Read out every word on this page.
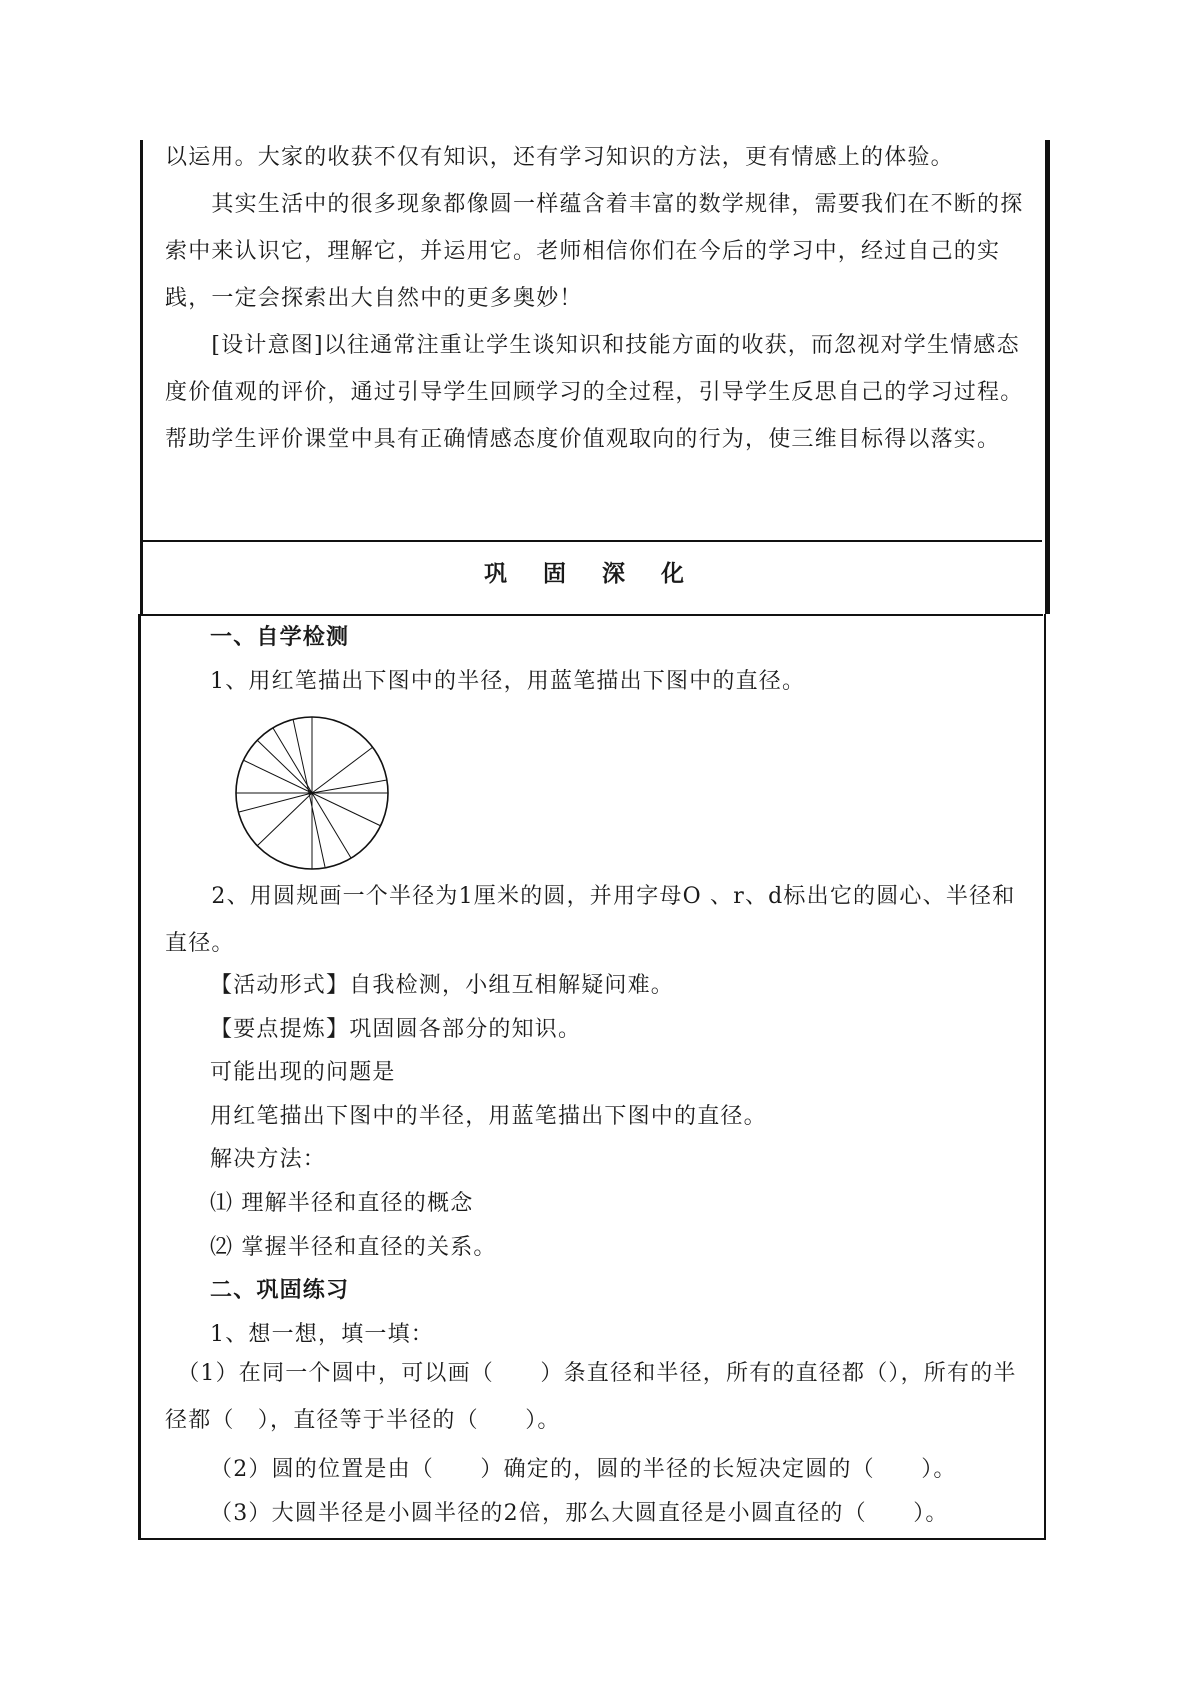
以运用。大家的收获不仅有知识，还有学习知识的方法，更有情感上的体验。

　　其实生活中的很多现象都像圆一样蕴含着丰富的数学规律，需要我们在不断的探索中来认识它，理解它，并运用它。老师相信你们在今后的学习中，经过自己的实践，一定会探索出大自然中的更多奥妙！

　　[设计意图]以往通常注重让学生谈知识和技能方面的收获，而忽视对学生情感态度价值观的评价，通过引导学生回顾学习的全过程，引导学生反思自己的学习过程。帮助学生评价课堂中具有正确情感态度价值观取向的行为，使三维目标得以落实。

巩 固 深 化
一、自学检测
1、用红笔描出下图中的半径，用蓝笔描出下图中的直径。

　　2、用圆规画一个半径为1厘米的圆，并用字母O 、r、d标出它的圆心、半径和直径。

【活动形式】自我检测，小组互相解疑问难。
【要点提炼】巩固圆各部分的知识。
可能出现的问题是
用红笔描出下图中的半径，用蓝笔描出下图中的直径。
解决方法：
⑴ 理解半径和直径的概念
⑵ 掌握半径和直径的关系。
二、巩固练习
1、想一想，填一填：

　（1）在同一个圆中，可以画（　　）条直径和半径，所有的直径都（），所有的半径都（　），直径等于半径的（　　）。

（2）圆的位置是由（　　）确定的，圆的半径的长短决定圆的（　　）。
（3）大圆半径是小圆半径的2倍，那么大圆直径是小圆直径的（　　）。
